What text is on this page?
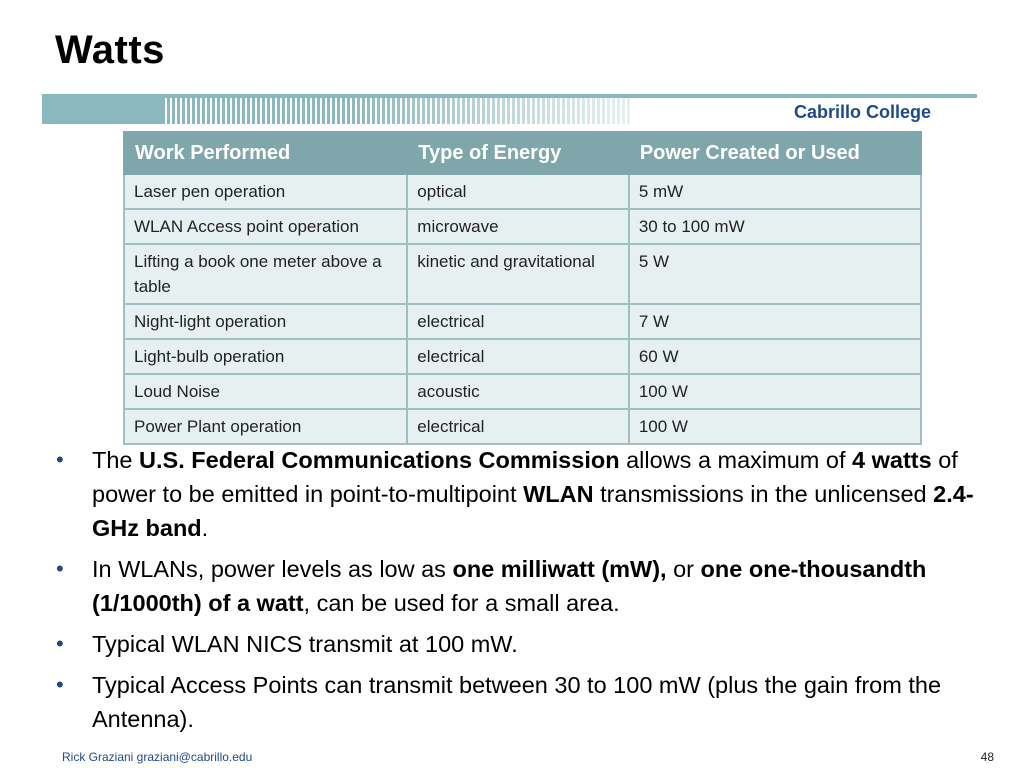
Watts
Cabrillo College
Work Performed	Type of Energy	Power Created or Used
Laser pen operation	optical	5 mW
WLAN Access point operation	microwave	30 to 100 mW
Lifting a book one meter above a table	kinetic and gravitational	5 W
Night-light operation	electrical	7 W
Light-bulb operation	electrical	60 W
Loud Noise	acoustic	100 W
Power Plant operation	electrical	100 W
• The U.S. Federal Communications Commission allows a maximum of 4 watts of power to be emitted in point-to-multipoint WLAN transmissions in the unlicensed 2.4-GHz band.
• In WLANs, power levels as low as one milliwatt (mW), or one one-thousandth (1/1000th) of a watt, can be used for a small area.
• Typical WLAN NICS transmit at 100 mW.
• Typical Access Points can transmit between 30 to 100 mW (plus the gain from the Antenna).
Rick Graziani graziani@cabrillo.edu	48
